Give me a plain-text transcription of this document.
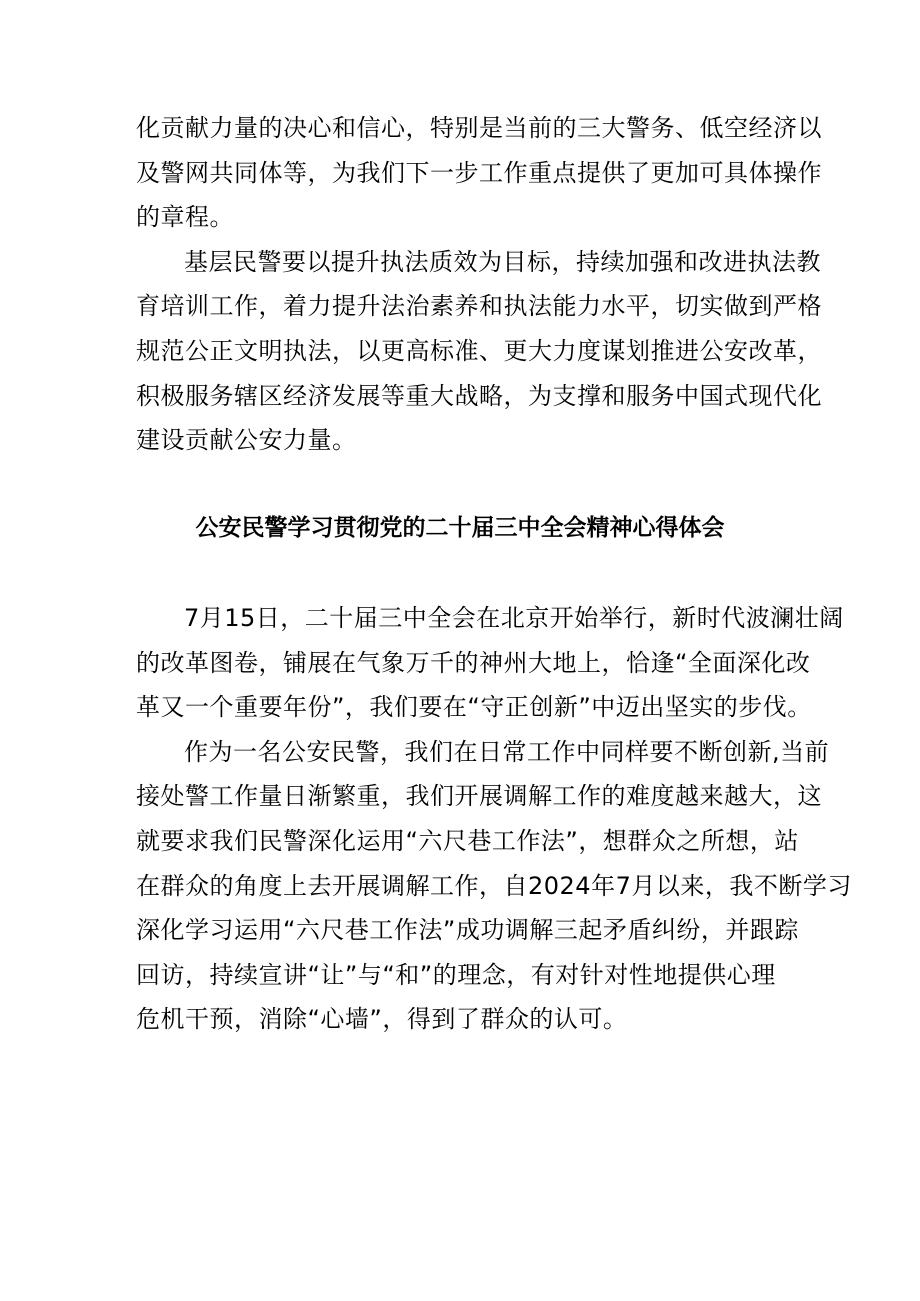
化贡献力量的决心和信心，特别是当前的三大警务、低空经济以
及警网共同体等，为我们下一步工作重点提供了更加可具体操作
的章程。
基层民警要以提升执法质效为目标，持续加强和改进执法教
育培训工作，着力提升法治素养和执法能力水平，切实做到严格
规范公正文明执法，以更高标准、更大力度谋划推进公安改革，
积极服务辖区经济发展等重大战略，为支撑和服务中国式现代化
建设贡献公安力量。
公安民警学习贯彻党的二十届三中全会精神心得体会
7月15日，二十届三中全会在北京开始举行，新时代波澜壮阔
的改革图卷，铺展在气象万千的神州大地上，恰逢“全面深化改
革又一个重要年份”，我们要在“守正创新”中迈出坚实的步伐。
作为一名公安民警，我们在日常工作中同样要不断创新,当前
接处警工作量日渐繁重，我们开展调解工作的难度越来越大，这
就要求我们民警深化运用“六尺巷工作法”，想群众之所想，站
在群众的角度上去开展调解工作，自2024年7月以来，我不断学习
深化学习运用“六尺巷工作法”成功调解三起矛盾纠纷，并跟踪
回访，持续宣讲“让”与“和”的理念，有对针对性地提供心理
危机干预，消除“心墙”，得到了群众的认可。
